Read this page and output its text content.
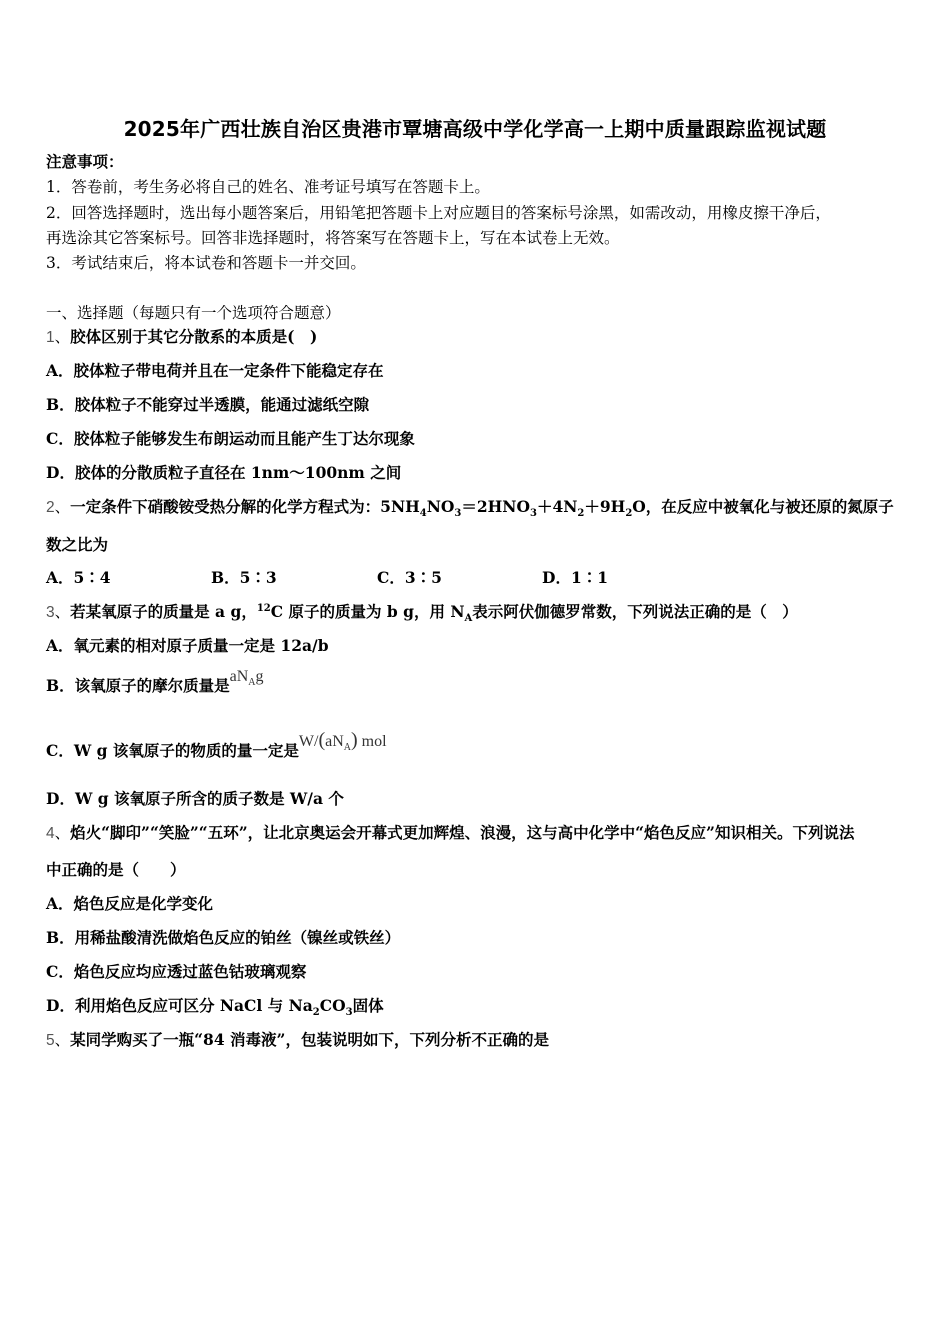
2025年广西壮族自治区贵港市覃塘高级中学化学高一上期中质量跟踪监视试题
注意事项：
1．答卷前，考生务必将自己的姓名、准考证号填写在答题卡上。
2．回答选择题时，选出每小题答案后，用铅笔把答题卡上对应题目的答案标号涂黑，如需改动，用橡皮擦干净后，
再选涂其它答案标号。回答非选择题时，将答案写在答题卡上，写在本试卷上无效。
3．考试结束后，将本试卷和答题卡一并交回。
一、选择题（每题只有一个选项符合题意）
1、胶体区别于其它分散系的本质是(　)
A．胶体粒子带电荷并且在一定条件下能稳定存在
B．胶体粒子不能穿过半透膜，能通过滤纸空隙
C．胶体粒子能够发生布朗运动而且能产生丁达尔现象
D．胶体的分散质粒子直径在 1nm～100nm 之间
2、一定条件下硝酸铵受热分解的化学方程式为：$5NH_4NO_3=2HNO_3+4N_2+9H_2O$，在反应中被氧化与被还原的氮原子
数之比为
A．5∶4	B．5∶3	C．3∶5	D．1∶1
3、若某氧原子的质量是 a g，$^{12}$C 原子的质量为 b g，用 $N_A$表示阿伏伽德罗常数，下列说法正确的是（　）
A．氧元素的相对原子质量一定是 12a/b
B．该氧原子的摩尔质量是$aN_Ag$
C．W g 该氧原子的物质的量一定是$W/(aN_A)$ mol
D．W g 该氧原子所含的质子数是 W/a 个
4、焰火“脚印”“笑脸”“五环”，让北京奥运会开幕式更加辉煌、浪漫，这与高中化学中“焰色反应”知识相关。下列说法
中正确的是（　　）
A．焰色反应是化学变化
B．用稀盐酸清洗做焰色反应的铂丝（镍丝或铁丝）
C．焰色反应均应透过蓝色钴玻璃观察
D．利用焰色反应可区分 NaCl 与 $Na_2CO_3$固体
5、某同学购买了一瓶“84 消毒液”，包装说明如下，下列分析不正确的是
